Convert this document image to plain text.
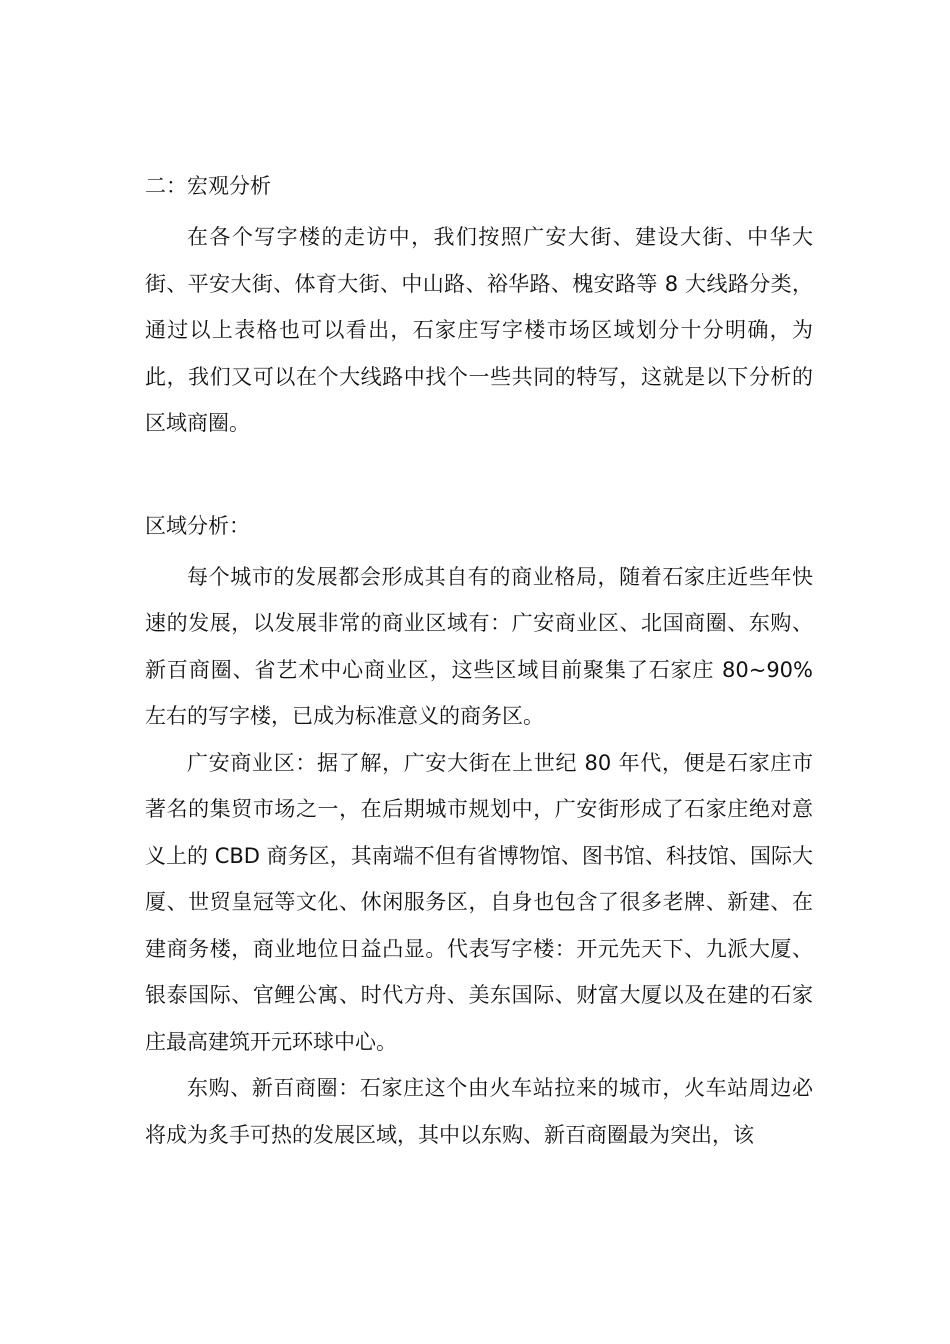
二：宏观分析

在各个写字楼的走访中，我们按照广安大街、建设大街、中华大街、平安大街、体育大街、中山路、裕华路、槐安路等 8 大线路分类，通过以上表格也可以看出，石家庄写字楼市场区域划分十分明确，为此，我们又可以在个大线路中找个一些共同的特写，这就是以下分析的区域商圈。

区域分析：

每个城市的发展都会形成其自有的商业格局，随着石家庄近些年快速的发展，以发展非常的商业区域有：广安商业区、北国商圈、东购、新百商圈、省艺术中心商业区，这些区域目前聚集了石家庄 80~90% 左右的写字楼，已成为标准意义的商务区。

广安商业区：据了解，广安大街在上世纪 80 年代，便是石家庄市著名的集贸市场之一，在后期城市规划中，广安街形成了石家庄绝对意义上的 CBD 商务区，其南端不但有省博物馆、图书馆、科技馆、国际大厦、世贸皇冠等文化、休闲服务区，自身也包含了很多老牌、新建、在建商务楼，商业地位日益凸显。代表写字楼：开元先天下、九派大厦、银泰国际、官鲤公寓、时代方舟、美东国际、财富大厦以及在建的石家庄最高建筑开元环球中心。

东购、新百商圈：石家庄这个由火车站拉来的城市，火车站周边必将成为炙手可热的发展区域，其中以东购、新百商圈最为突出，该
